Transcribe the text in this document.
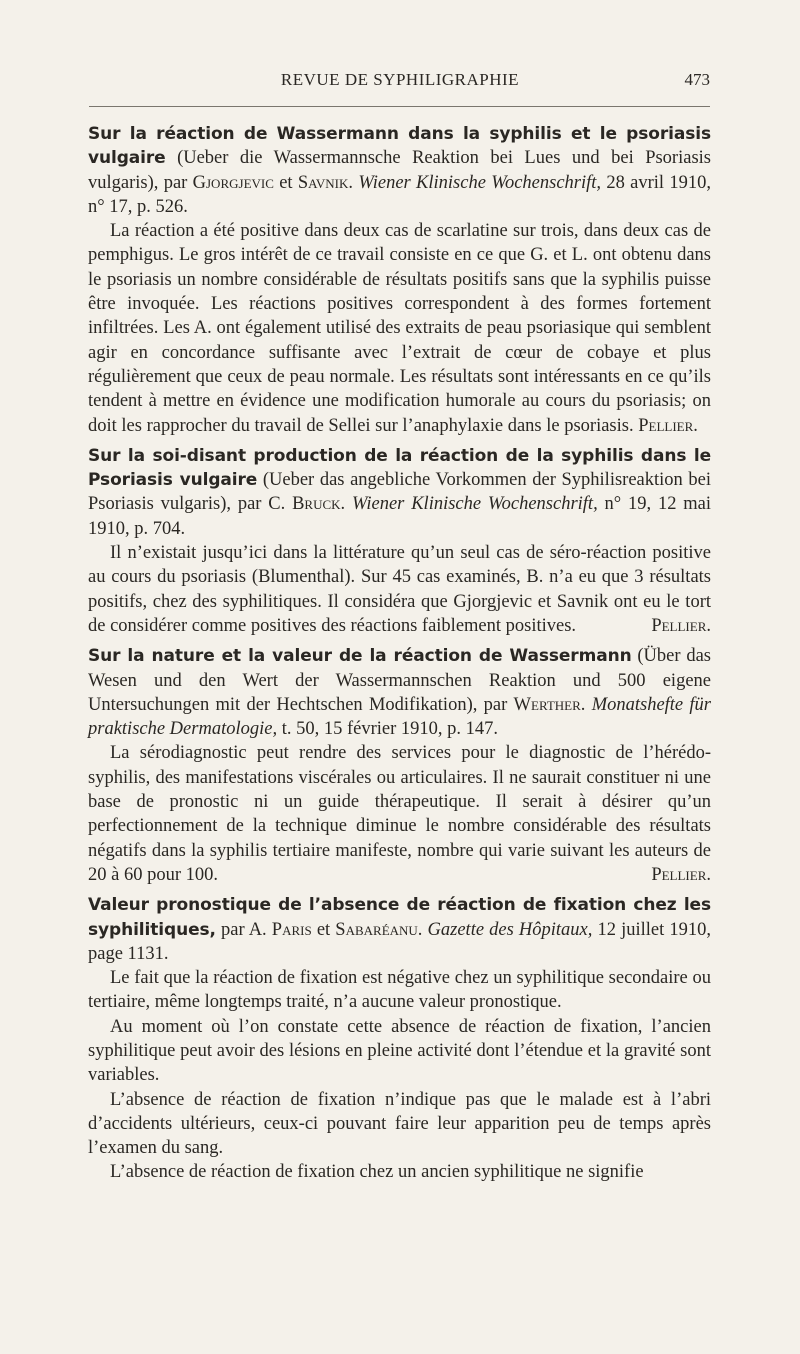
REVUE DE SYPHILIGRAPHIE	473

Sur la réaction de Wassermann dans la syphilis et le psoriasis vulgaire (Ueber die Wassermannsche Reaktion bei Lues und bei Psoriasis vulgaris), par Gjorgjevic et Savnik. Wiener Klinische Wochenschrift, 28 avril 1910, n° 17, p. 526.

La réaction a été positive dans deux cas de scarlatine sur trois, dans deux cas de pemphigus. Le gros intérêt de ce travail consiste en ce que G. et L. ont obtenu dans le psoriasis un nombre considérable de résultats positifs sans que la syphilis puisse être invoquée. Les réactions positives correspondent à des formes fortement infiltrées. Les A. ont également utilisé des extraits de peau psoriasique qui semblent agir en concordance suffisante avec l’extrait de cœur de cobaye et plus régulièrement que ceux de peau normale. Les résultats sont intéressants en ce qu’ils tendent à mettre en évidence une modification humorale au cours du psoriasis; on doit les rapprocher du travail de Sellei sur l’anaphylaxie dans le psoriasis. Pellier.

Sur la soi-disant production de la réaction de la syphilis dans le Psoriasis vulgaire (Ueber das angebliche Vorkommen der Syphilisreaktion bei Psoriasis vulgaris), par C. Bruck. Wiener Klinische Wochenschrift, n° 19, 12 mai 1910, p. 704.

Il n’existait jusqu’ici dans la littérature qu’un seul cas de séro-réaction positive au cours du psoriasis (Blumenthal). Sur 45 cas examinés, B. n’a eu que 3 résultats positifs, chez des syphilitiques. Il considéra que Gjorgjevic et Savnik ont eu le tort de considérer comme positives des réactions faiblement positives.	Pellier.

Sur la nature et la valeur de la réaction de Wassermann (Über das Wesen und den Wert der Wassermannschen Reaktion und 500 eigene Untersuchungen mit der Hechtschen Modifikation), par Werther. Monatshefte für praktische Dermatologie, t. 50, 15 février 1910, p. 147.

La sérodiagnostic peut rendre des services pour le diagnostic de l’hérédo-syphilis, des manifestations viscérales ou articulaires. Il ne saurait constituer ni une base de pronostic ni un guide thérapeutique. Il serait à désirer qu’un perfectionnement de la technique diminue le nombre considérable des résultats négatifs dans la syphilis tertiaire manifeste, nombre qui varie suivant les auteurs de 20 à 60 pour 100.	Pellier.

Valeur pronostique de l’absence de réaction de fixation chez les syphilitiques, par A. Paris et Sabaréanu. Gazette des Hôpitaux, 12 juillet 1910, page 1131.

Le fait que la réaction de fixation est négative chez un syphilitique secondaire ou tertiaire, même longtemps traité, n’a aucune valeur pronostique.

Au moment où l’on constate cette absence de réaction de fixation, l’ancien syphilitique peut avoir des lésions en pleine activité dont l’étendue et la gravité sont variables.

L’absence de réaction de fixation n’indique pas que le malade est à l’abri d’accidents ultérieurs, ceux-ci pouvant faire leur apparition peu de temps après l’examen du sang.

L’absence de réaction de fixation chez un ancien syphilitique ne signifie
